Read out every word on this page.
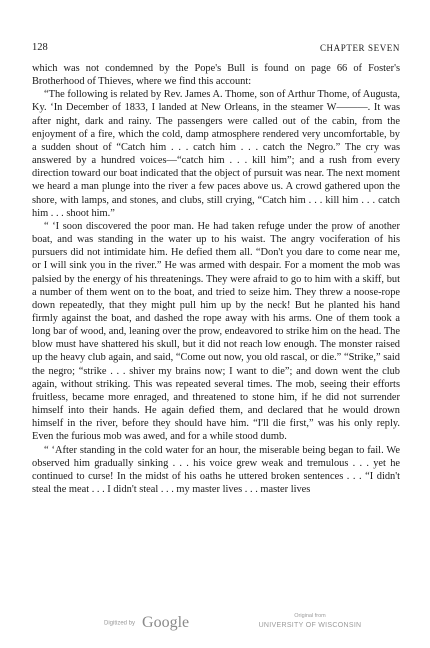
128	CHAPTER SEVEN

which was not condemned by the Pope's Bull is found on page 66 of Foster's Brotherhood of Thieves, where we find this account:

“The following is related by Rev. James A. Thome, son of Arthur Thome, of Augusta, Ky. ‘In December of 1833, I landed at New Orleans, in the steamer W———. It was after night, dark and rainy. The passengers were called out of the cabin, from the enjoyment of a fire, which the cold, damp atmosphere rendered very uncomfortable, by a sudden shout of “Catch him . . . catch him . . . catch the Negro.” The cry was answered by a hundred voices—“catch him . . . kill him”; and a rush from every direction toward our boat indicated that the object of pursuit was near. The next moment we heard a man plunge into the river a few paces above us. A crowd gathered upon the shore, with lamps, and stones, and clubs, still crying, “Catch him . . . kill him . . . catch him . . . shoot him.”

“ ‘I soon discovered the poor man. He had taken refuge under the prow of another boat, and was standing in the water up to his waist. The angry vociferation of his pursuers did not intimidate him. He defied them all. “Don't you dare to come near me, or I will sink you in the river.” He was armed with despair. For a moment the mob was palsied by the energy of his threatenings. They were afraid to go to him with a skiff, but a number of them went on to the boat, and tried to seize him. They threw a noose-rope down repeatedly, that they might pull him up by the neck! But he planted his hand firmly against the boat, and dashed the rope away with his arms. One of them took a long bar of wood, and, leaning over the prow, endeavored to strike him on the head. The blow must have shattered his skull, but it did not reach low enough. The monster raised up the heavy club again, and said, “Come out now, you old rascal, or die.” “Strike,” said the negro; “strike . . . shiver my brains now; I want to die”; and down went the club again, without striking. This was repeated several times. The mob, seeing their efforts fruitless, became more enraged, and threatened to stone him, if he did not surrender himself into their hands. He again defied them, and declared that he would drown himself in the river, before they should have him. “I'll die first,” was his only reply. Even the furious mob was awed, and for a while stood dumb.

“ ‘After standing in the cold water for an hour, the miserable being began to fail. We observed him gradually sinking . . . his voice grew weak and tremulous . . . yet he continued to curse! In the midst of his oaths he uttered broken sentences . . . “I didn't steal the meat . . . I didn't steal . . . my master lives . . . master lives

Digitized by Google	Original from
UNIVERSITY OF WISCONSIN
